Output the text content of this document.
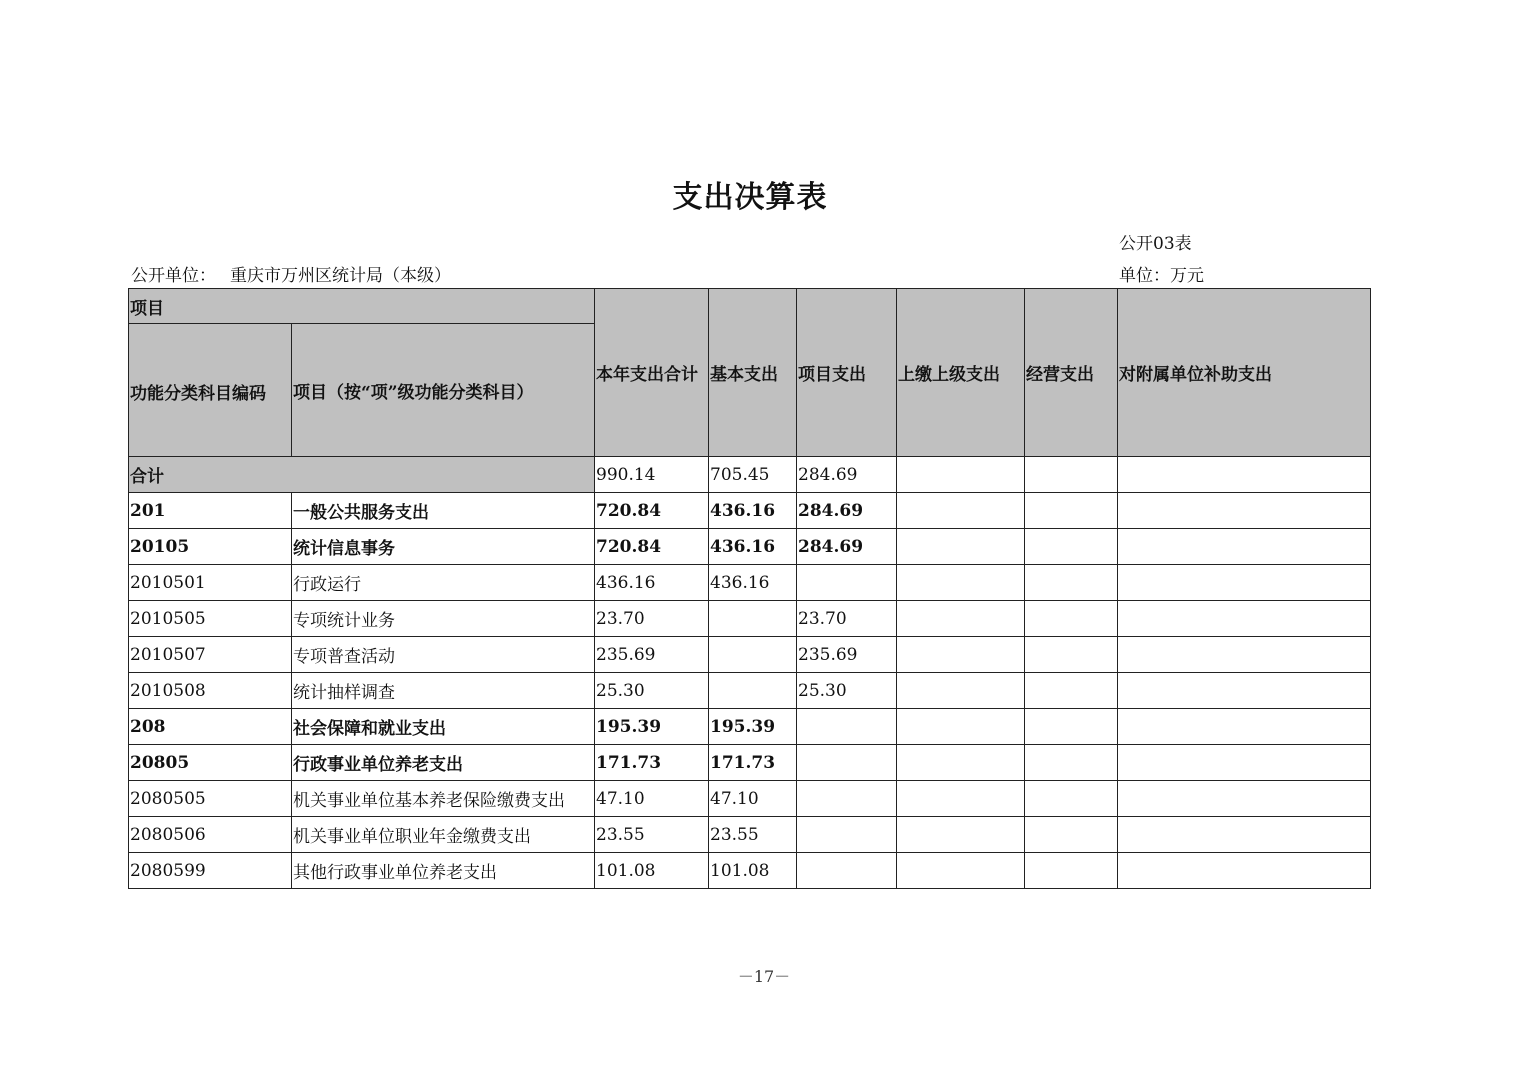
支出决算表
公开03表
公开单位： 重庆市万州区统计局（本级）	单位：万元
项目		本年支出合计	基本支出	项目支出	上缴上级支出	经营支出	对附属单位补助支出
功能分类科目编码	项目（按“项”级功能分类科目）						
合计		990.14	705.45	284.69			
201	一般公共服务支出	720.84	436.16	284.69			
20105	统计信息事务	720.84	436.16	284.69			
2010501	行政运行	436.16	436.16				
2010505	专项统计业务	23.70		23.70			
2010507	专项普查活动	235.69		235.69			
2010508	统计抽样调查	25.30		25.30			
208	社会保障和就业支出	195.39	195.39				
20805	行政事业单位养老支出	171.73	171.73				
2080505	机关事业单位基本养老保险缴费支出	47.10	47.10				
2080506	机关事业单位职业年金缴费支出	23.55	23.55				
2080599	其他行政事业单位养老支出	101.08	101.08				
－17－
